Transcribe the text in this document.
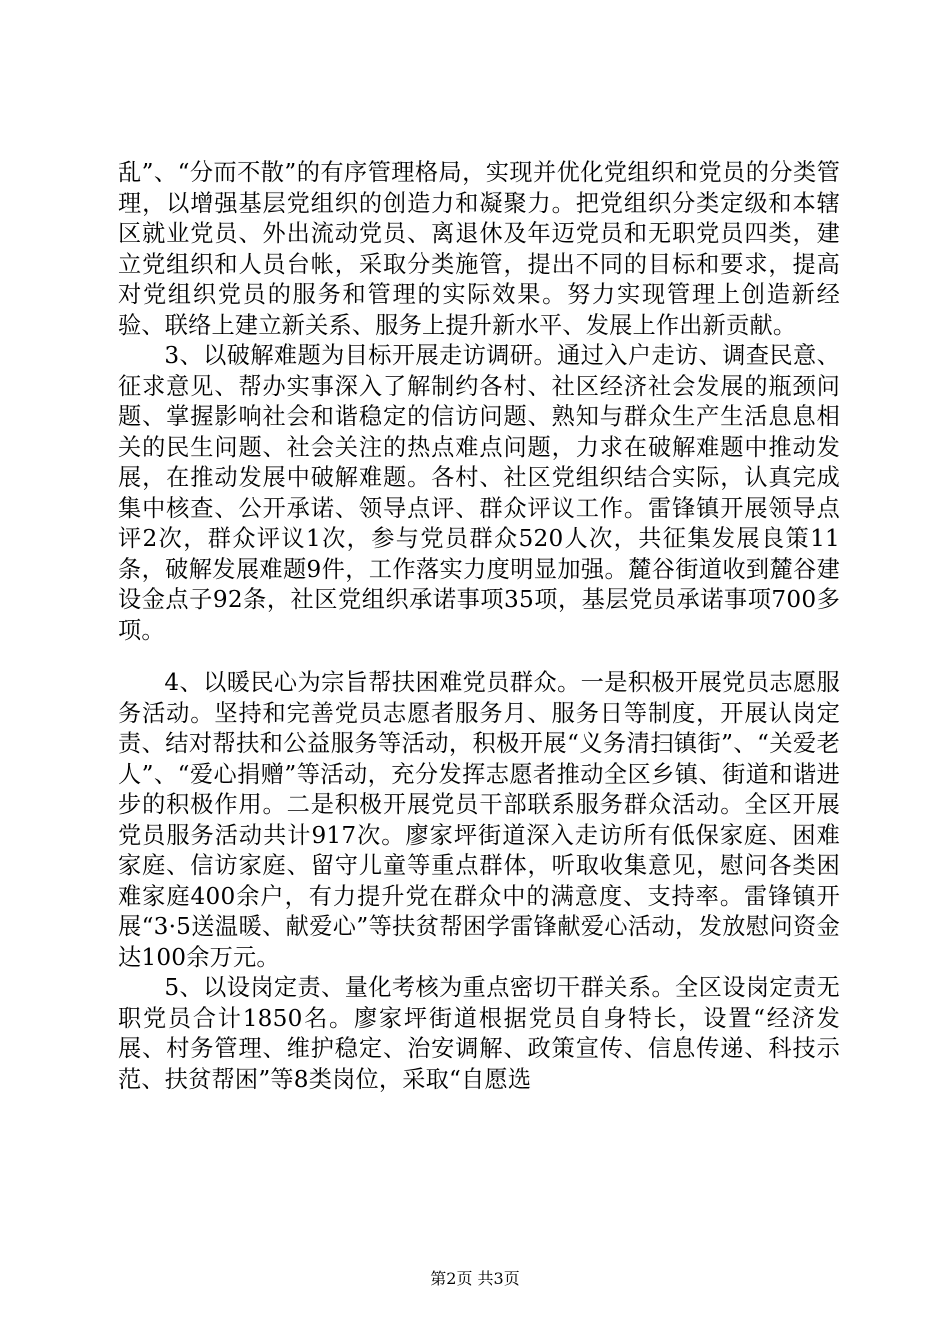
乱”、“分而不散”的有序管理格局，实现并优化党组织和党员的分类管理，以增强基层党组织的创造力和凝聚力。把党组织分类定级和本辖区就业党员、外出流动党员、离退休及年迈党员和无职党员四类，建立党组织和人员台帐，采取分类施管，提出不同的目标和要求，提高对党组织党员的服务和管理的实际效果。努力实现管理上创造新经验、联络上建立新关系、服务上提升新水平、发展上作出新贡献。

3、以破解难题为目标开展走访调研。通过入户走访、调查民意、征求意见、帮办实事深入了解制约各村、社区经济社会发展的瓶颈问题、掌握影响社会和谐稳定的信访问题、熟知与群众生产生活息息相关的民生问题、社会关注的热点难点问题，力求在破解难题中推动发展，在推动发展中破解难题。各村、社区党组织结合实际，认真完成集中核查、公开承诺、领导点评、群众评议工作。雷锋镇开展领导点评2次，群众评议1次，参与党员群众520人次，共征集发展良策11条，破解发展难题9件，工作落实力度明显加强。麓谷街道收到麓谷建设金点子92条，社区党组织承诺事项35项，基层党员承诺事项700多项。

4、以暖民心为宗旨帮扶困难党员群众。一是积极开展党员志愿服务活动。坚持和完善党员志愿者服务月、服务日等制度，开展认岗定责、结对帮扶和公益服务等活动，积极开展“义务清扫镇街”、“关爱老人”、“爱心捐赠”等活动，充分发挥志愿者推动全区乡镇、街道和谐进步的积极作用。二是积极开展党员干部联系服务群众活动。全区开展党员服务活动共计917次。廖家坪街道深入走访所有低保家庭、困难家庭、信访家庭、留守儿童等重点群体，听取收集意见，慰问各类困难家庭400余户，有力提升党在群众中的满意度、支持率。雷锋镇开展“3·5送温暖、献爱心”等扶贫帮困学雷锋献爱心活动，发放慰问资金达100余万元。

5、以设岗定责、量化考核为重点密切干群关系。全区设岗定责无职党员合计1850名。廖家坪街道根据党员自身特长，设置“经济发展、村务管理、维护稳定、治安调解、政策宣传、信息传递、科技示范、扶贫帮困”等8类岗位，采取“自愿选

第2页 共3页
